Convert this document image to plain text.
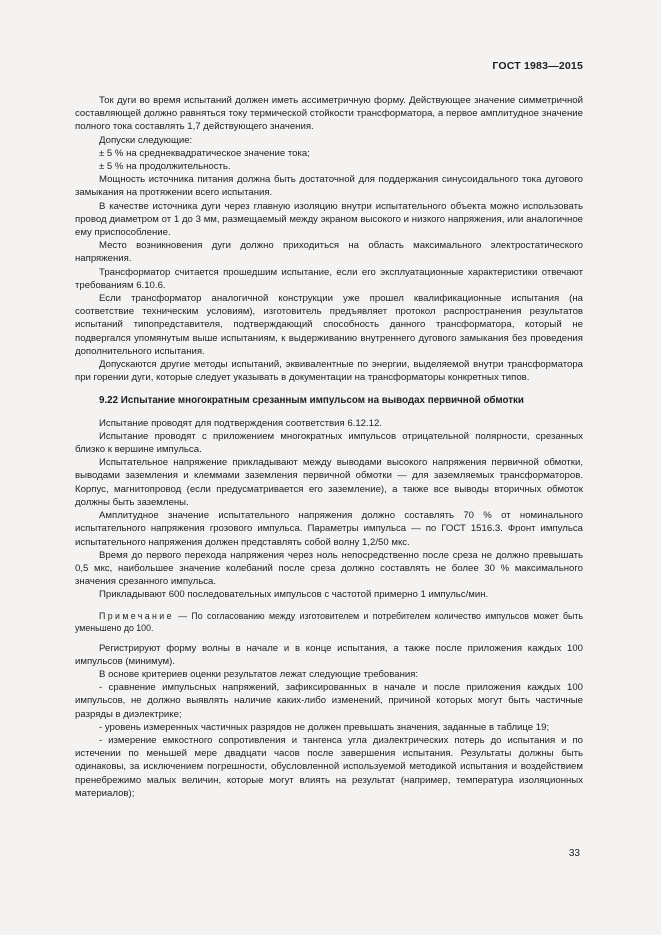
ГОСТ 1983—2015

Ток дуги во время испытаний должен иметь ассиметричную форму. Действующее значение симметричной составляющей должно равняться току термической стойкости трансформатора, а первое амплитудное значение полного тока составлять 1,7 действующего значения.

Допуски следующие:

± 5 % на среднеквадратическое значение тока;

± 5 % на продолжительность.

Мощность источника питания должна быть достаточной для поддержания синусоидального тока дугового замыкания на протяжении всего испытания.

В качестве источника дуги через главную изоляцию внутри испытательного объекта можно использовать провод диаметром от 1 до 3 мм, размещаемый между экраном высокого и низкого напряжения, или аналогичное ему приспособление.

Место возникновения дуги должно приходиться на область максимального электростатического напряжения.

Трансформатор считается прошедшим испытание, если его эксплуатационные характеристики отвечают требованиям 6.10.6.

Если трансформатор аналогичной конструкции уже прошел квалификационные испытания (на соответствие техническим условиям), изготовитель предъявляет протокол распространения результатов испытаний типопредставителя, подтверждающий способность данного трансформатора, который не подвергался упомянутым выше испытаниям, к выдерживанию внутреннего дугового замыкания без проведения дополнительного испытания.

Допускаются другие методы испытаний, эквивалентные по энергии, выделяемой внутри трансформатора при горении дуги, которые следует указывать в документации на трансформаторы конкретных типов.

9.22 Испытание многократным срезанным импульсом на выводах первичной обмотки

Испытание проводят для подтверждения соответствия 6.12.12.

Испытание проводят с приложением многократных импульсов отрицательной полярности, срезанных близко к вершине импульса.

Испытательное напряжение прикладывают между выводами высокого напряжения первичной обмотки, выводами заземления и клеммами заземления первичной обмотки — для заземляемых трансформаторов. Корпус, магнитопровод (если предусматривается его заземление), а также все выводы вторичных обмоток должны быть заземлены.

Амплитудное значение испытательного напряжения должно составлять 70 % от номинального испытательного напряжения грозового импульса. Параметры импульса — по ГОСТ 1516.3. Фронт импульса испытательного напряжения должен представлять собой волну 1,2/50 мкс.

Время до первого перехода напряжения через ноль непосредственно после среза не должно превышать 0,5 мкс, наибольшее значение колебаний после среза должно составлять не более 30 % максимального значения срезанного импульса.

Прикладывают 600 последовательных импульсов с частотой примерно 1 импульс/мин.

Примечание — По согласованию между изготовителем и потребителем количество импульсов может быть уменьшено до 100.

Регистрируют форму волны в начале и в конце испытания, а также после приложения каждых 100 импульсов (минимум).

В основе критериев оценки результатов лежат следующие требования:

- сравнение импульсных напряжений, зафиксированных в начале и после приложения каждых 100 импульсов, не должно выявлять наличие каких-либо изменений, причиной которых могут быть частичные разряды в диэлектрике;

- уровень измеренных частичных разрядов не должен превышать значения, заданные в таблице 19;

- измерение емкостного сопротивления и тангенса угла диэлектрических потерь до испытания и по истечении по меньшей мере двадцати часов после завершения испытания. Результаты должны быть одинаковы, за исключением погрешности, обусловленной используемой методикой испытания и воздействием пренебрежимо малых величин, которые могут влиять на результат (например, температура изоляционных материалов);

33
